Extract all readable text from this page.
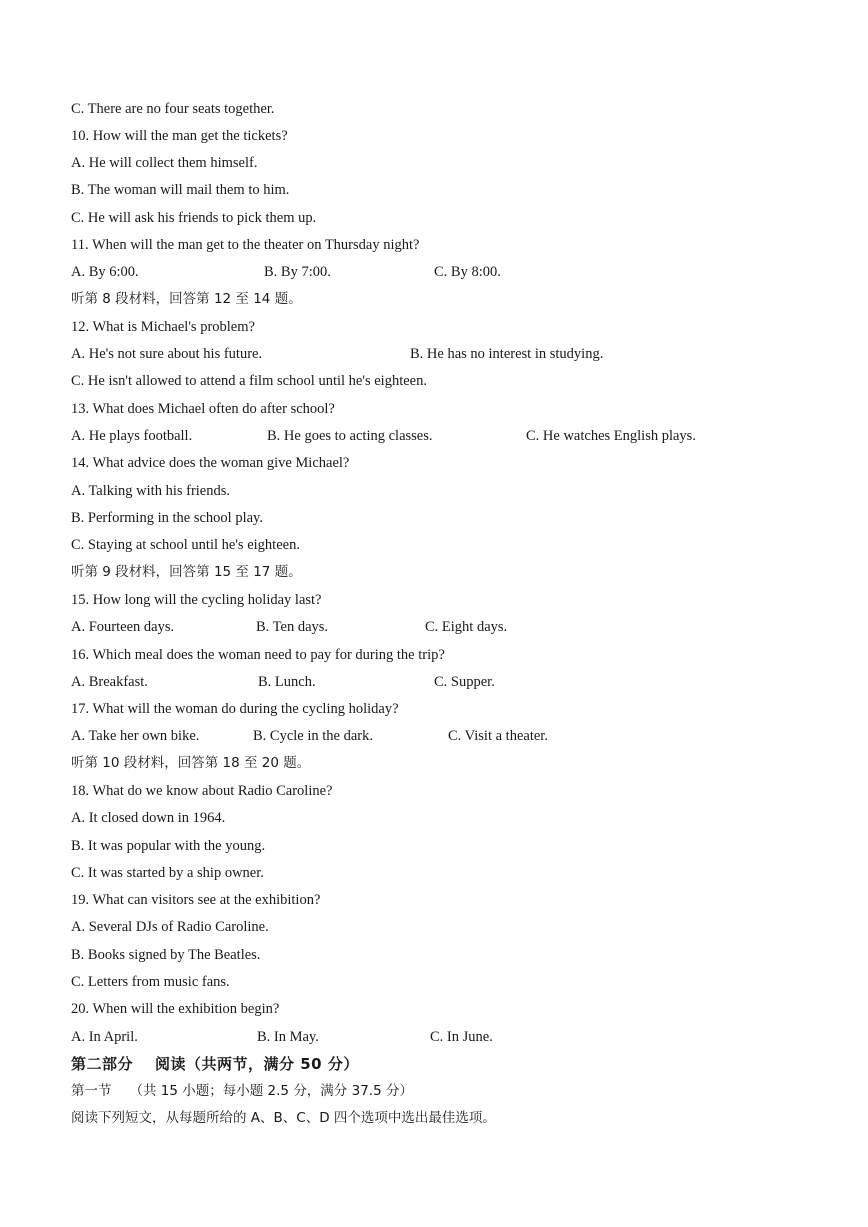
C. There are no four seats together.
10. How will the man get the tickets?
A. He will collect them himself.
B. The woman will mail them to him.
C. He will ask his friends to pick them up.
11. When will the man get to the theater on Thursday night?
A. By 6:00.	B. By 7:00.	C. By 8:00.
听第 8 段材料，回答第 12 至 14 题。
12. What is Michael's problem?
A. He's not sure about his future.	B. He has no interest in studying.
C. He isn't allowed to attend a film school until he's eighteen.
13. What does Michael often do after school?
A. He plays football.	B. He goes to acting classes.	C. He watches English plays.
14. What advice does the woman give Michael?
A. Talking with his friends.
B. Performing in the school play.
C. Staying at school until he's eighteen.
听第 9 段材料，回答第 15 至 17 题。
15. How long will the cycling holiday last?
A. Fourteen days.	B. Ten days.	C. Eight days.
16. Which meal does the woman need to pay for during the trip?
A. Breakfast.	B. Lunch.	C. Supper.
17. What will the woman do during the cycling holiday?
A. Take her own bike.	B. Cycle in the dark.	C. Visit a theater.
听第 10 段材料，回答第 18 至 20 题。
18. What do we know about Radio Caroline?
A. It closed down in 1964.
B. It was popular with the young.
C. It was started by a ship owner.
19. What can visitors see at the exhibition?
A. Several DJs of Radio Caroline.
B. Books signed by The Beatles.
C. Letters from music fans.
20. When will the exhibition begin?
A. In April.	B. In May.	C. In June.
第二部分 阅读（共两节，满分 50 分）
第一节 （共 15 小题；每小题 2.5 分，满分 37.5 分）
阅读下列短文，从每题所给的 A、B、C、D 四个选项中选出最佳选项。
